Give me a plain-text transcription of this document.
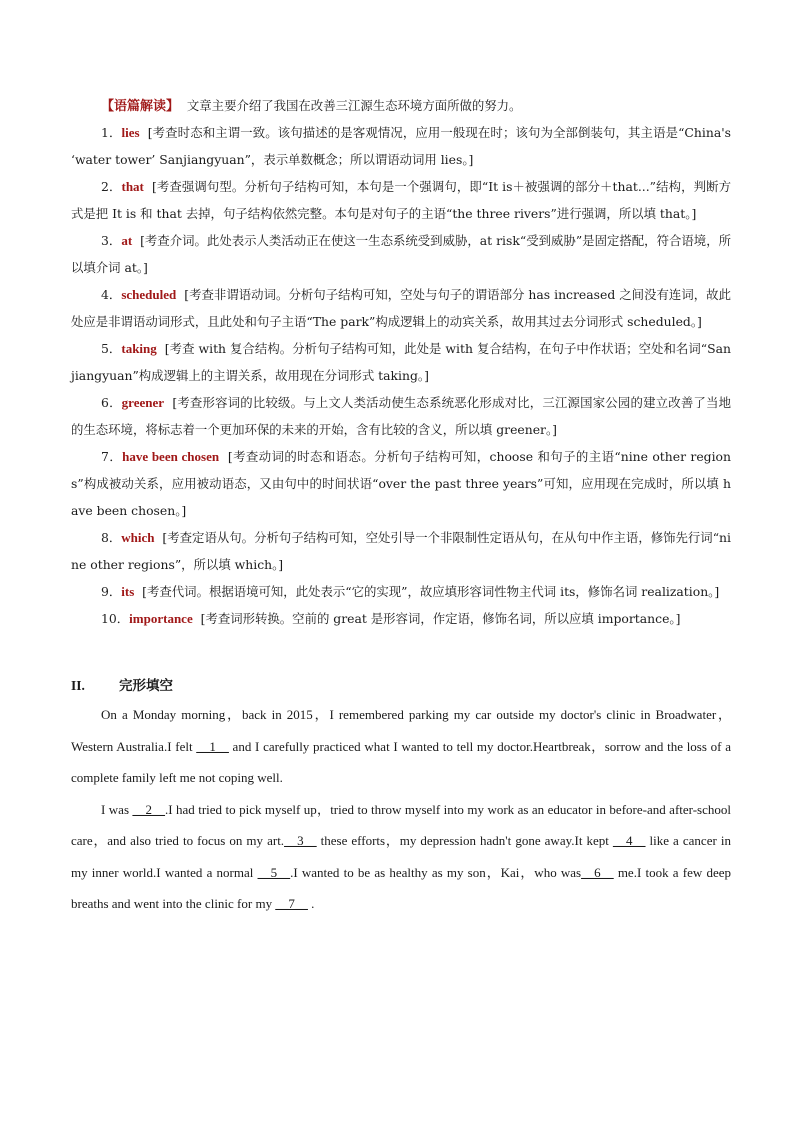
【语篇解读】 文章主要介绍了我国在改善三江源生态环境方面所做的努力。

1．lies [考查时态和主谓一致。该句描述的是客观情况，应用一般现在时；该句为全部倒装句，其主语是“China's ‘water tower’ Sanjiangyuan”，表示单数概念；所以谓语动词用 lies。]

2．that [考查强调句型。分析句子结构可知，本句是一个强调句，即“It is＋被强调的部分＋that...”结构，判断方式是把 It is 和 that 去掉，句子结构依然完整。本句是对句子的主语“the three rivers”进行强调，所以填 that。]

3．at [考查介词。此处表示人类活动正在使这一生态系统受到威胁，at risk“受到威胁”是固定搭配，符合语境，所以填介词 at。]

4．scheduled [考查非谓语动词。分析句子结构可知，空处与句子的谓语部分 has increased 之间没有连词，故此处应是非谓语动词形式，且此处和句子主语“The park”构成逻辑上的动宾关系，故用其过去分词形式 scheduled。]

5．taking [考查 with 复合结构。分析句子结构可知，此处是 with 复合结构，在句子中作状语；空处和名词“Sanjiangyuan”构成逻辑上的主谓关系，故用现在分词形式 taking。]

6．greener [考查形容词的比较级。与上文人类活动使生态系统恶化形成对比，三江源国家公园的建立改善了当地的生态环境，将标志着一个更加环保的未来的开始，含有比较的含义，所以填 greener。]

7．have been chosen [考查动词的时态和语态。分析句子结构可知，choose 和句子的主语“nine other regions”构成被动关系，应用被动语态，又由句中的时间状语“over the past three years”可知，应用现在完成时，所以填 have been chosen。]

8．which [考查定语从句。分析句子结构可知，空处引导一个非限制性定语从句，在从句中作主语，修饰先行词“nine other regions”，所以填 which。]

9．its [考查代词。根据语境可知，此处表示“它的实现”，故应填形容词性物主代词 its，修饰名词 realization。]

10．importance [考查词形转换。空前的 great 是形容词，作定语，修饰名词，所以应填 importance。]

II.	完形填空

On a Monday morning，back in 2015，I remembered parking my car outside my doctor's clinic in Broadwater，Western Australia.I felt __1__ and I carefully practiced what I wanted to tell my doctor.Heartbreak，sorrow and the loss of a complete family left me not coping well.

I was __2__.I had tried to pick myself up，tried to throw myself into my work as an educator in before-and after-school care，and also tried to focus on my art.__3__ these efforts，my depression hadn't gone away.It kept __4__ like a cancer in my inner world.I wanted a normal __5__.I wanted to be as healthy as my son，Kai，who was__6__ me.I took a few deep breaths and went into the clinic for my __7__ .
